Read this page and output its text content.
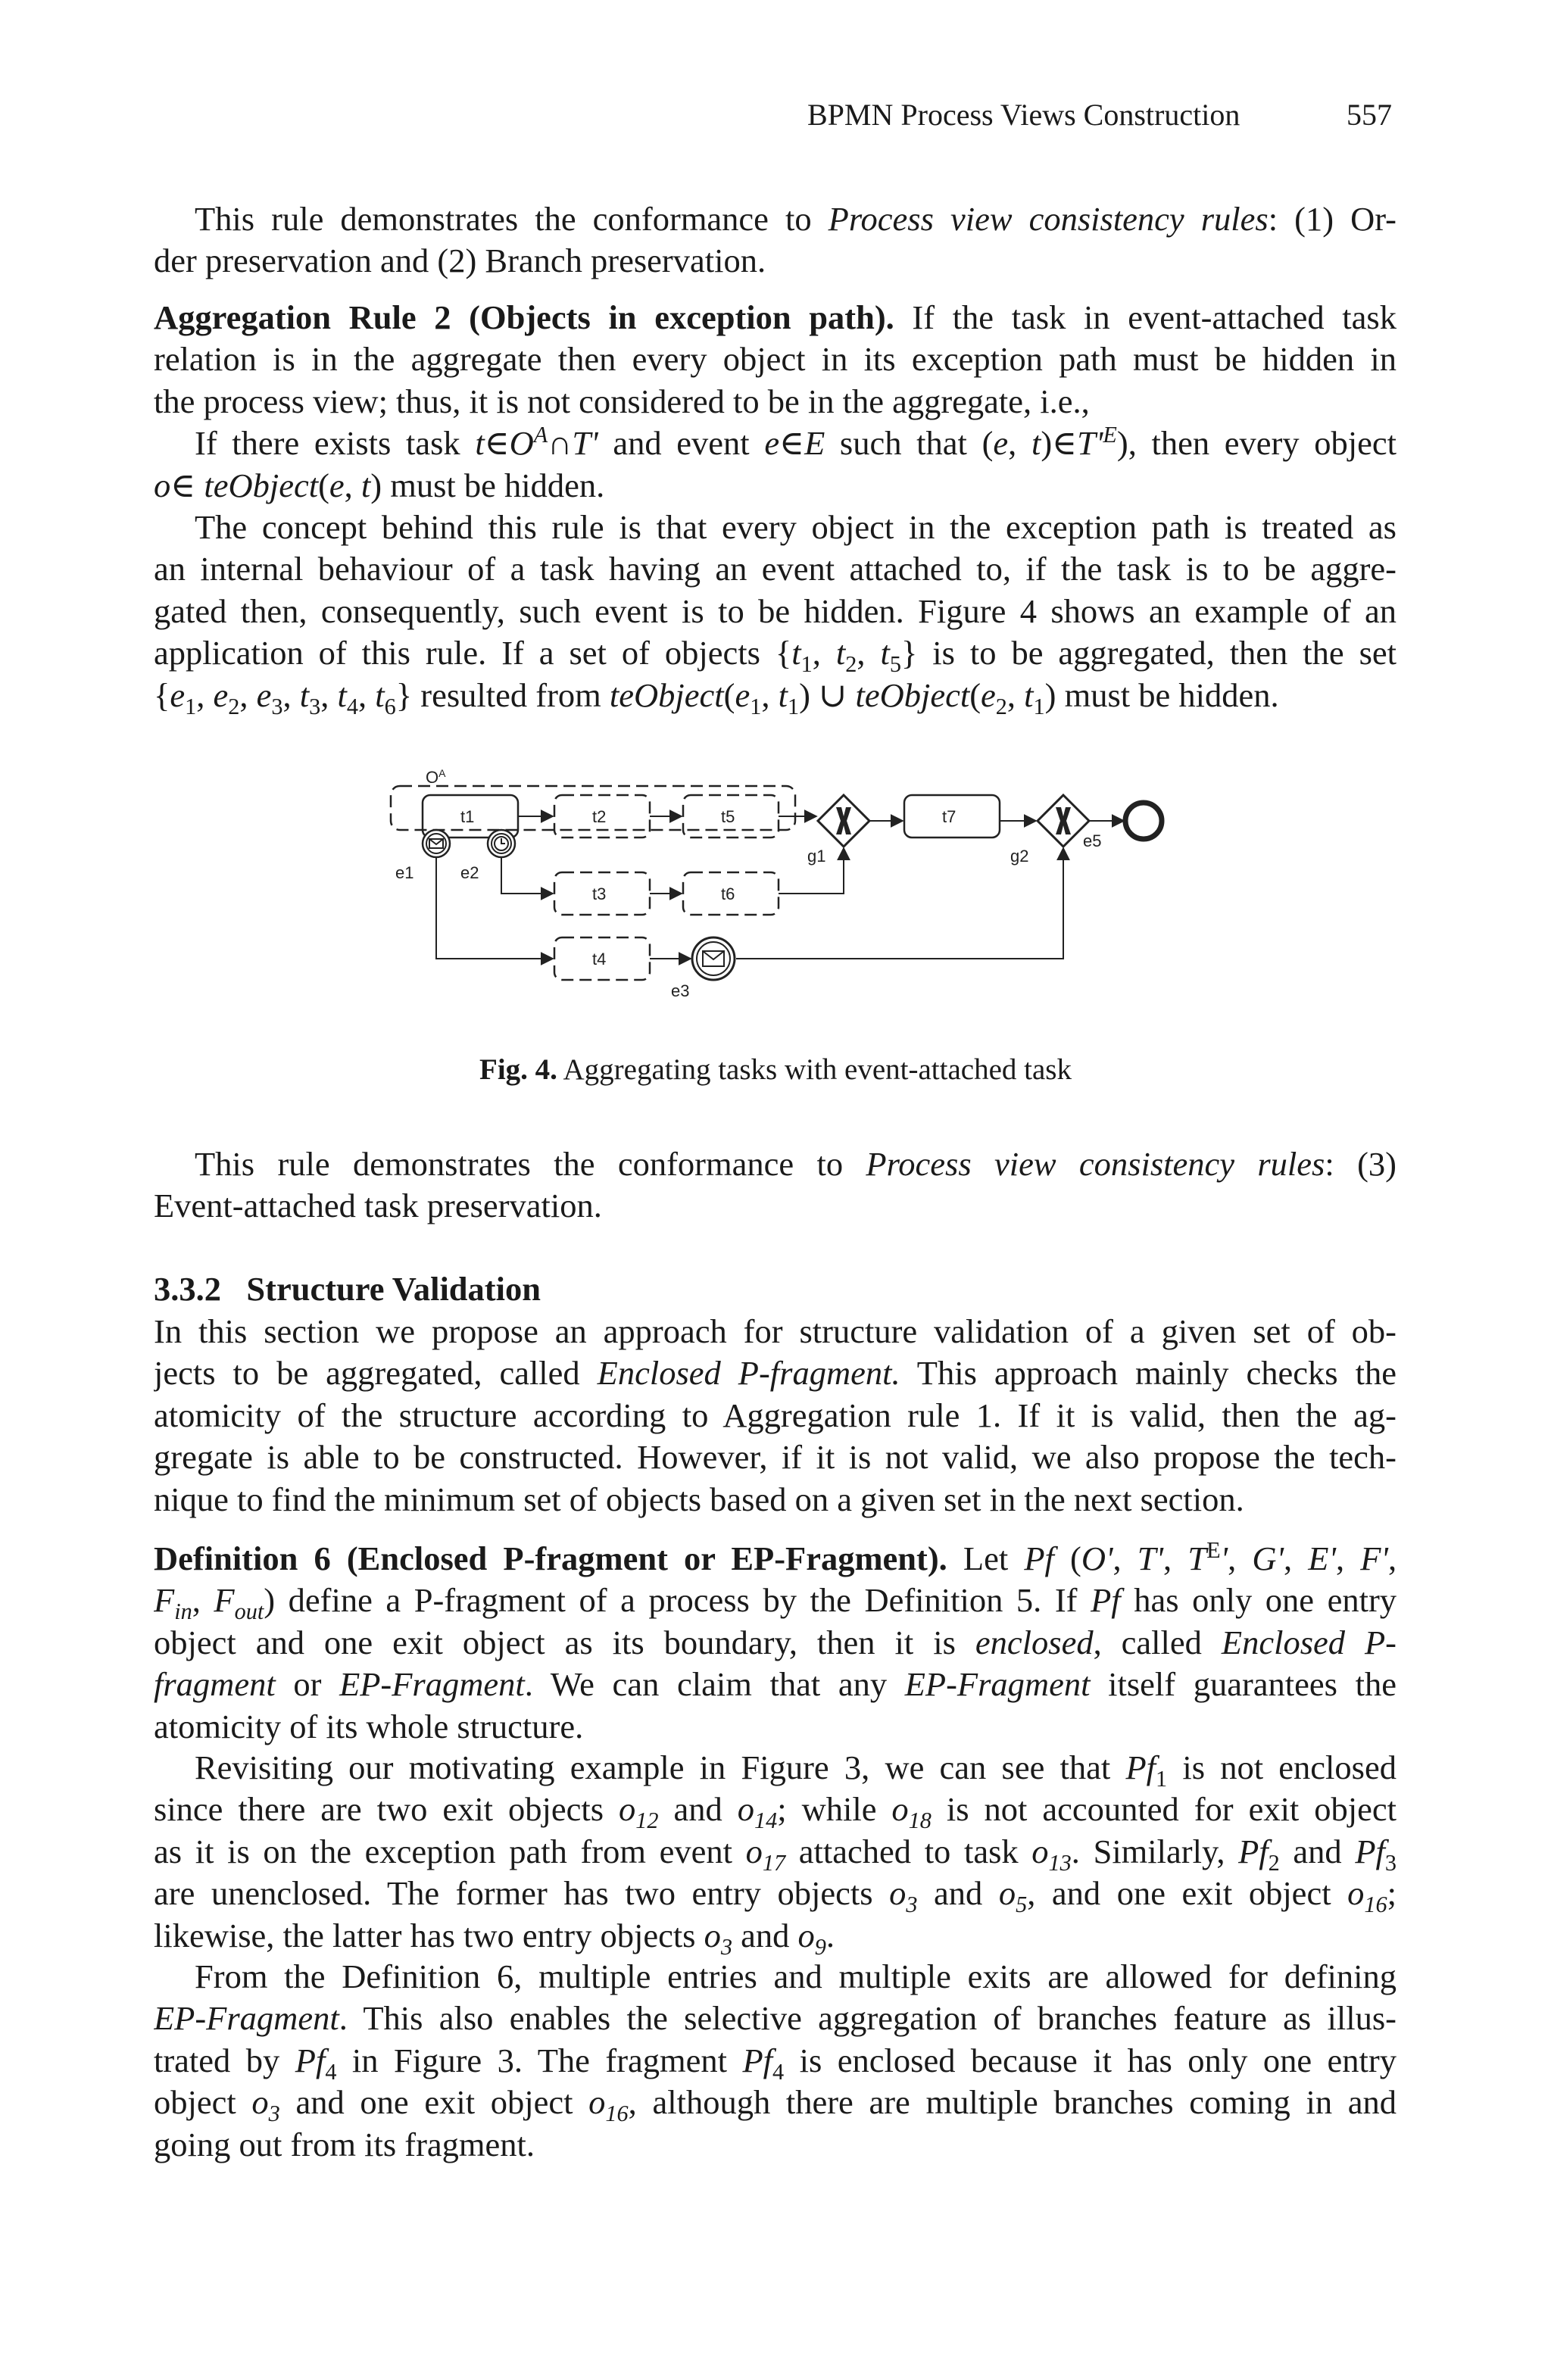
BPMN Process Views Construction	557
This rule demonstrates the conformance to Process view consistency rules: (1) Or-
der preservation and (2) Branch preservation.
Aggregation Rule 2 (Objects in exception path). If the task in event-attached task
relation is in the aggregate then every object in its exception path must be hidden in
the process view; thus, it is not considered to be in the aggregate, i.e.,
If there exists task $t\in O^A\cap T'$ and event e∈E such that (e, $t)\in T'^E$), then every object
o∈ teObject(e, t) must be hidden.
The concept behind this rule is that every object in the exception path is treated as
an internal behaviour of a task having an event attached to, if the task is to be aggre-
gated then, consequently, such event is to be hidden. Figure 4 shows an example of an
application of this rule. If a set of objects {$t_1$, $t_2$, $t_5$} is to be aggregated, then the set
{$e_1$, $e_2$, $e_3$, $t_3$, $t_4$, $t_6$} resulted from $teObject(e_1$, $t_1$) ∪ $teObject(e_2$, $t_1$) must be hidden.
$O^A$
t1	t2	t5	t7
t3	t6
t4
e1	e2
e3
e5
g1	g2
Fig. 4. Aggregating tasks with event-attached task
This rule demonstrates the conformance to Process view consistency rules: (3)
Event-attached task preservation.
3.3.2 Structure Validation
In this section we propose an approach for structure validation of a given set of ob-
jects to be aggregated, called Enclosed P-fragment. This approach mainly checks the
atomicity of the structure according to Aggregation rule 1. If it is valid, then the ag-
gregate is able to be constructed. However, if it is not valid, we also propose the tech-
nique to find the minimum set of objects based on a given set in the next section.
Definition 6 (Enclosed P-fragment or EP-Fragment). Let Pf (O', T', $T^E'$, G', E', F',
$F_{in}$, $F_{out}$) define a P-fragment of a process by the Definition 5. If Pf has only one entry
object and one exit object as its boundary, then it is enclosed, called Enclosed P-
fragment or EP-Fragment. We can claim that any EP-Fragment itself guarantees the
atomicity of its whole structure.
Revisiting our motivating example in Figure 3, we can see that $Pf_1$ is not enclosed
since there are two exit objects $o_{12}$ and $o_{14}$; while $o_{18}$ is not accounted for exit object
as it is on the exception path from event $o_{17}$ attached to task $o_{13}$. Similarly, $Pf_2$ and $Pf_3$
are unenclosed. The former has two entry objects $o_3$ and $o_5$, and one exit object $o_{16}$;
likewise, the latter has two entry objects $o_3$ and $o_9$.
From the Definition 6, multiple entries and multiple exits are allowed for defining
EP-Fragment. This also enables the selective aggregation of branches feature as illus-
trated by $Pf_4$ in Figure 3. The fragment $Pf_4$ is enclosed because it has only one entry
object $o_3$ and one exit object $o_{16}$, although there are multiple branches coming in and
going out from its fragment.
